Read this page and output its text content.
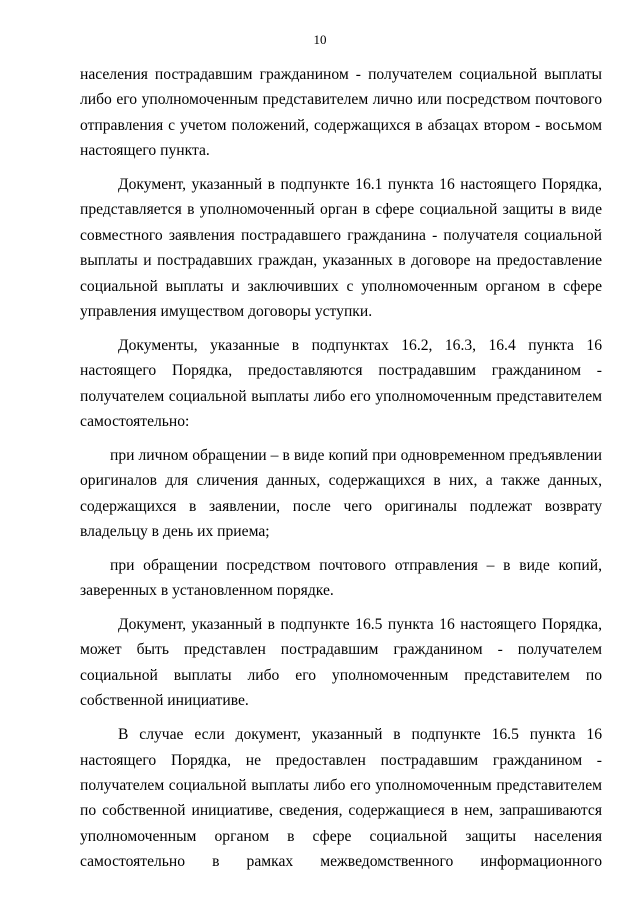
10

населения пострадавшим гражданином - получателем социальной выплаты либо его уполномоченным представителем лично или посредством почтового отправления с учетом положений, содержащихся в абзацах втором - восьмом настоящего пункта.

Документ, указанный в подпункте 16.1 пункта 16 настоящего Порядка, представляется в уполномоченный орган в сфере социальной защиты в виде совместного заявления пострадавшего гражданина - получателя социальной выплаты и пострадавших граждан, указанных в договоре на предоставление социальной выплаты и заключивших с уполномоченным органом в сфере управления имуществом договоры уступки.

Документы, указанные в подпунктах 16.2, 16.3, 16.4 пункта 16 настоящего Порядка, предоставляются пострадавшим гражданином - получателем социальной выплаты либо его уполномоченным представителем самостоятельно:

при личном обращении – в виде копий при одновременном предъявлении оригиналов для сличения данных, содержащихся в них, а также данных, содержащихся в заявлении, после чего оригиналы подлежат возврату владельцу в день их приема;

при обращении посредством почтового отправления – в виде копий, заверенных в установленном порядке.

Документ, указанный в подпункте 16.5 пункта 16 настоящего Порядка, может быть представлен пострадавшим гражданином - получателем социальной выплаты либо его уполномоченным представителем по собственной инициативе.

В случае если документ, указанный в подпункте 16.5 пункта 16 настоящего Порядка, не предоставлен пострадавшим гражданином - получателем социальной выплаты либо его уполномоченным представителем по собственной инициативе, сведения, содержащиеся в нем, запрашиваются уполномоченным органом в сфере социальной защиты населения самостоятельно в рамках межведомственного информационного
